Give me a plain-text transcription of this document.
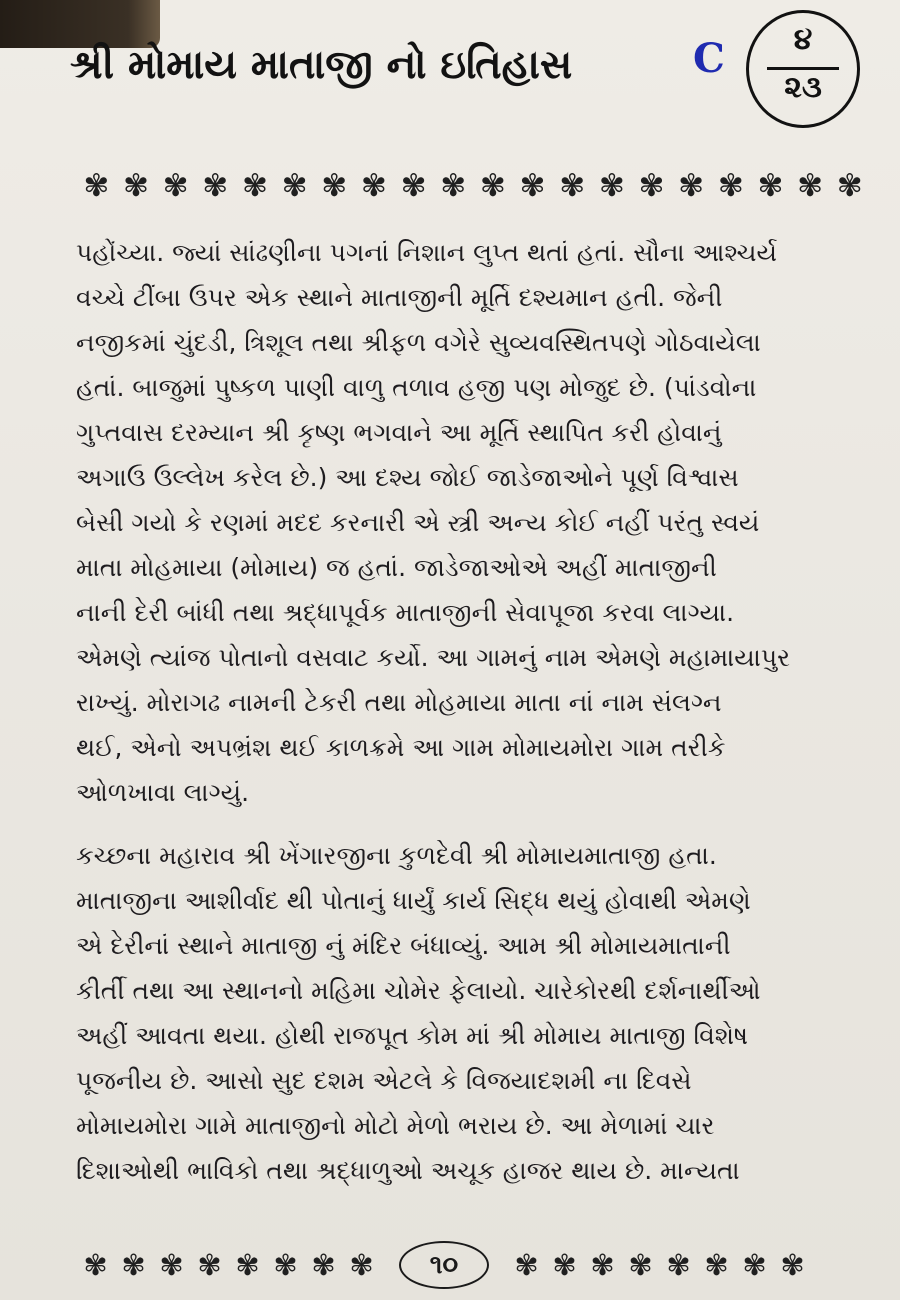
શ્રી મોમાય માતાજી નો ઇતિહાસ	C	૪
૨૩
✾ ✾ ✾ ✾ ✾ ✾ ✾ ✾ ✾ ✾ ✾ ✾ ✾ ✾ ✾ ✾ ✾ ✾ ✾ ✾
પહોંચ્યા. જ્યાં સાંઢણીના પગનાં નિશાન લુપ્ત થતાં હતાં. સૌના આશ્ચર્ય
વચ્ચે ટીંબા ઉપર એક સ્થાને માતાજીની મૂર્તિ દશ્યમાન હતી. જેની
નજીકમાં ચુંદડી, ત્રિશૂલ તથા શ્રીફળ વગેરે સુવ્યવસ્થિતપણે ગોઠવાયેલા
હતાં. બાજુમાં પુષ્કળ પાણી વાળુ તળાવ હજી પણ મોજુદ છે. (પાંડવોના
ગુપ્તવાસ દરમ્યાન શ્રી કૃષ્ણ ભગવાને આ મૂર્તિ સ્થાપિત કરી હોવાનું
અગાઉ ઉલ્લેખ કરેલ છે.) આ દશ્ય જોઈ જાડેજાઓને પૂર્ણ વિશ્વાસ
બેસી ગયો કે રણમાં મદદ કરનારી એ સ્ત્રી અન્ય કોઈ નહીં પરંતુ સ્વયં
માતા મોહમાયા (મોમાય) જ હતાં. જાડેજાઓએ અહીં માતાજીની
નાની દેરી બાંધી તથા શ્રદ્ધાપૂર્વક માતાજીની સેવાપૂજા કરવા લાગ્યા.
એમણે ત્યાંજ પોતાનો વસવાટ કર્યો. આ ગામનું નામ એમણે મહામાયાપુર
રાખ્યું. મોરાગઢ નામની ટેકરી તથા મોહમાયા માતા નાં નામ સંલગ્ન
થઈ, એનો અપભ્રંશ થઈ કાળક્રમે આ ગામ મોમાયમોરા ગામ તરીકે
ઓળખાવા લાગ્યું.
કચ્છના મહારાવ શ્રી ખેંગારજીના કુળદેવી શ્રી મોમાયમાતાજી હતા.
માતાજીના આશીર્વાદ થી પોતાનું ધાર્યું કાર્ય સિદ્ધ થયું હોવાથી એમણે
એ દેરીનાં સ્થાને માતાજી નું મંદિર બંધાવ્યું. આમ શ્રી મોમાયમાતાની
કીર્તી તથા આ સ્થાનનો મહિમા ચોમેર ફેલાયો. ચારેકોરથી દર્શનાર્થીઓ
અહીં આવતા થયા. હોથી રાજપૂત કોમ માં શ્રી મોમાય માતાજી વિશેષ
પૂજનીય છે. આસો સુદ દશમ એટલે કે વિજયાદશમી ના દિવસે
મોમાયમોરા ગામે માતાજીનો મોટો મેળો ભરાય છે. આ મેળામાં ચાર
દિશાઓથી ભાવિકો તથા શ્રદ્ધાળુઓ અચૂક હાજર થાય છે. માન્યતા
✾ ✾ ✾ ✾ ✾ ✾ ✾ ✾	૧૦	✾ ✾ ✾ ✾ ✾ ✾ ✾ ✾
